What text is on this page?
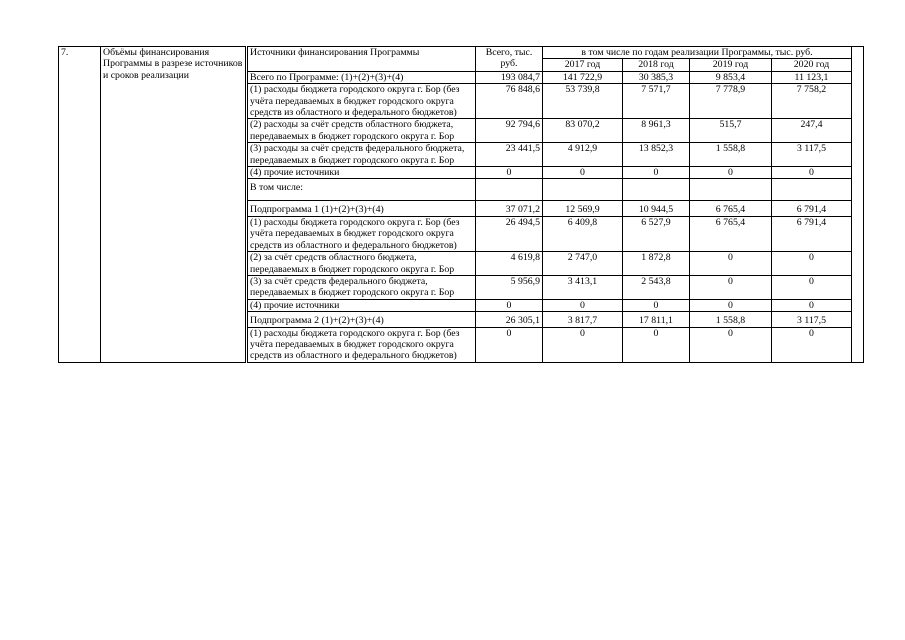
7.	Объёмы финансирования Программы в разрезе источников и сроков реализации	Источники финансирования Программы	Всего, тыс. руб.	в том числе по годам реализации Программы, тыс. руб.				
				2017 год	2018 год	2019 год	2020 год	
		Всего по Программе: (1)+(2)+(3)+(4)	193 084,7	141 722,9	30 385,3	9 853,4	11 123,1	
		(1) расходы бюджета городского округа г. Бор (без учёта передаваемых в бюджет городского округа средств из областного и федерального бюджетов)	76 848,6	53 739,8	7 571,7	7 778,9	7 758,2	
		(2) расходы за счёт средств областного бюджета, передаваемых в бюджет городского округа г. Бор	92 794,6	83 070,2	8 961,3	515,7	247,4	
		(3) расходы за счёт средств федерального бюджета, передаваемых в бюджет городского округа г. Бор	23 441,5	4 912,9	13 852,3	1 558,8	3 117,5	
		(4) прочие источники	0	0	0	0	0	
		В том числе:						
		Подпрограмма 1 (1)+(2)+(3)+(4)	37 071,2	12 569,9	10 944,5	6 765,4	6 791,4	
		(1) расходы бюджета городского округа г. Бор (без учёта передаваемых в бюджет городского округа средств из областного и федерального бюджетов)	26 494,5	6 409,8	6 527,9	6 765,4	6 791,4	
		(2) за счёт средств областного бюджета, передаваемых в бюджет городского округа г. Бор	4 619,8	2 747,0	1 872,8	0	0	
		(3) за счёт средств федерального бюджета, передаваемых в бюджет городского округа г. Бор	5 956,9	3 413,1	2 543,8	0	0	
		(4) прочие источники	0	0	0	0	0	
		Подпрограмма 2 (1)+(2)+(3)+(4)	26 305,1	3 817,7	17 811,1	1 558,8	3 117,5	
		(1) расходы бюджета городского округа г. Бор (без учёта передаваемых в бюджет городского округа средств из областного и федерального бюджетов)	0	0	0	0	0	
